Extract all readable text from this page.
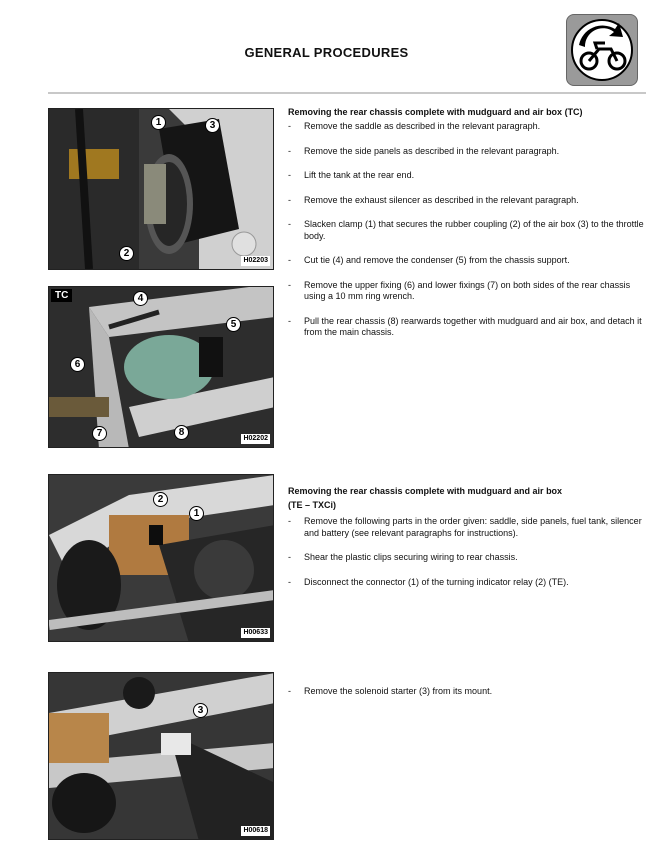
GENERAL PROCEDURES
1	3
2
H02203
TC	4
5
6
7	8
H02202
2
1
H00633
3
H00618
Removing the rear chassis complete with mudguard and air box (TC)
- Remove the saddle as described in the relevant paragraph.
- Remove the side panels as described in the relevant paragraph.
- Lift the tank at the rear end.
- Remove the exhaust silencer as described in the relevant paragraph.
- Slacken clamp (1) that secures the rubber coupling (2) of the air box (3) to the throttle body.
- Cut tie (4) and remove the condenser (5) from the chassis support.
- Remove the upper fixing (6) and lower fixings (7) on both sides of the rear chassis using a 10 mm ring wrench.
- Pull the rear chassis (8) rearwards together with mudguard and air box, and detach it from the main chassis.
Removing the rear chassis complete with mudguard and air box
(TE – TXCi)
- Remove the following parts in the order given: saddle, side panels, fuel tank, silencer and battery (see relevant paragraphs for instructions).
- Shear the plastic clips securing wiring to rear chassis.
- Disconnect the connector (1) of the turning indicator relay (2) (TE).
- Remove the solenoid starter (3) from its mount.
